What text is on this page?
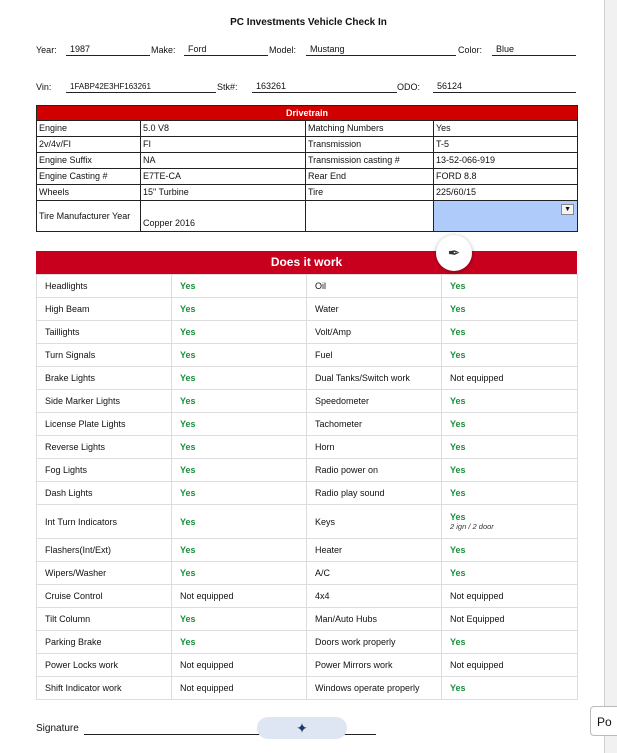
PC Investments Vehicle Check In
Year:	1987	Make:	Ford	Model:	Mustang	Color:	Blue
Vin:	1FABP42E3HF163261	Stk#:	163261	ODO:	56124
Drivetrain			
Engine	5.0 V8	Matching Numbers	Yes
2v/4v/FI	FI	Transmission	T-5
Engine Suffix	NA	Transmission casting #	13-52-066-919
Engine Casting #	E7TE-CA	Rear End	FORD 8.8
Wheels	15" Turbine	Tire	225/60/15
Tire Manufacturer Year	Copper 2016		▼
Does it work
Headlights	Yes	Oil	Yes
High Beam	Yes	Water	Yes
Taillights	Yes	Volt/Amp	Yes
Turn Signals	Yes	Fuel	Yes
Brake Lights	Yes	Dual Tanks/Switch work	Not equipped
Side Marker Lights	Yes	Speedometer	Yes
License Plate Lights	Yes	Tachometer	Yes
Reverse Lights	Yes	Horn	Yes
Fog Lights	Yes	Radio power on	Yes
Dash Lights	Yes	Radio play sound	Yes
Int Turn Indicators	Yes	Keys	Yes
2 ign / 2 door

Flashers(Int/Ext)	Yes	Heater	Yes
Wipers/Washer	Yes	A/C	Yes
Cruise Control	Not equipped	4x4	Not equipped
Tilt Column	Yes	Man/Auto Hubs	Not Equipped
Parking Brake	Yes	Doors work properly	Yes
Power Locks work	Not equipped	Power Mirrors work	Not equipped
Shift Indicator work	Not equipped	Windows operate properly	Yes
✒
Signature	✦	Po
